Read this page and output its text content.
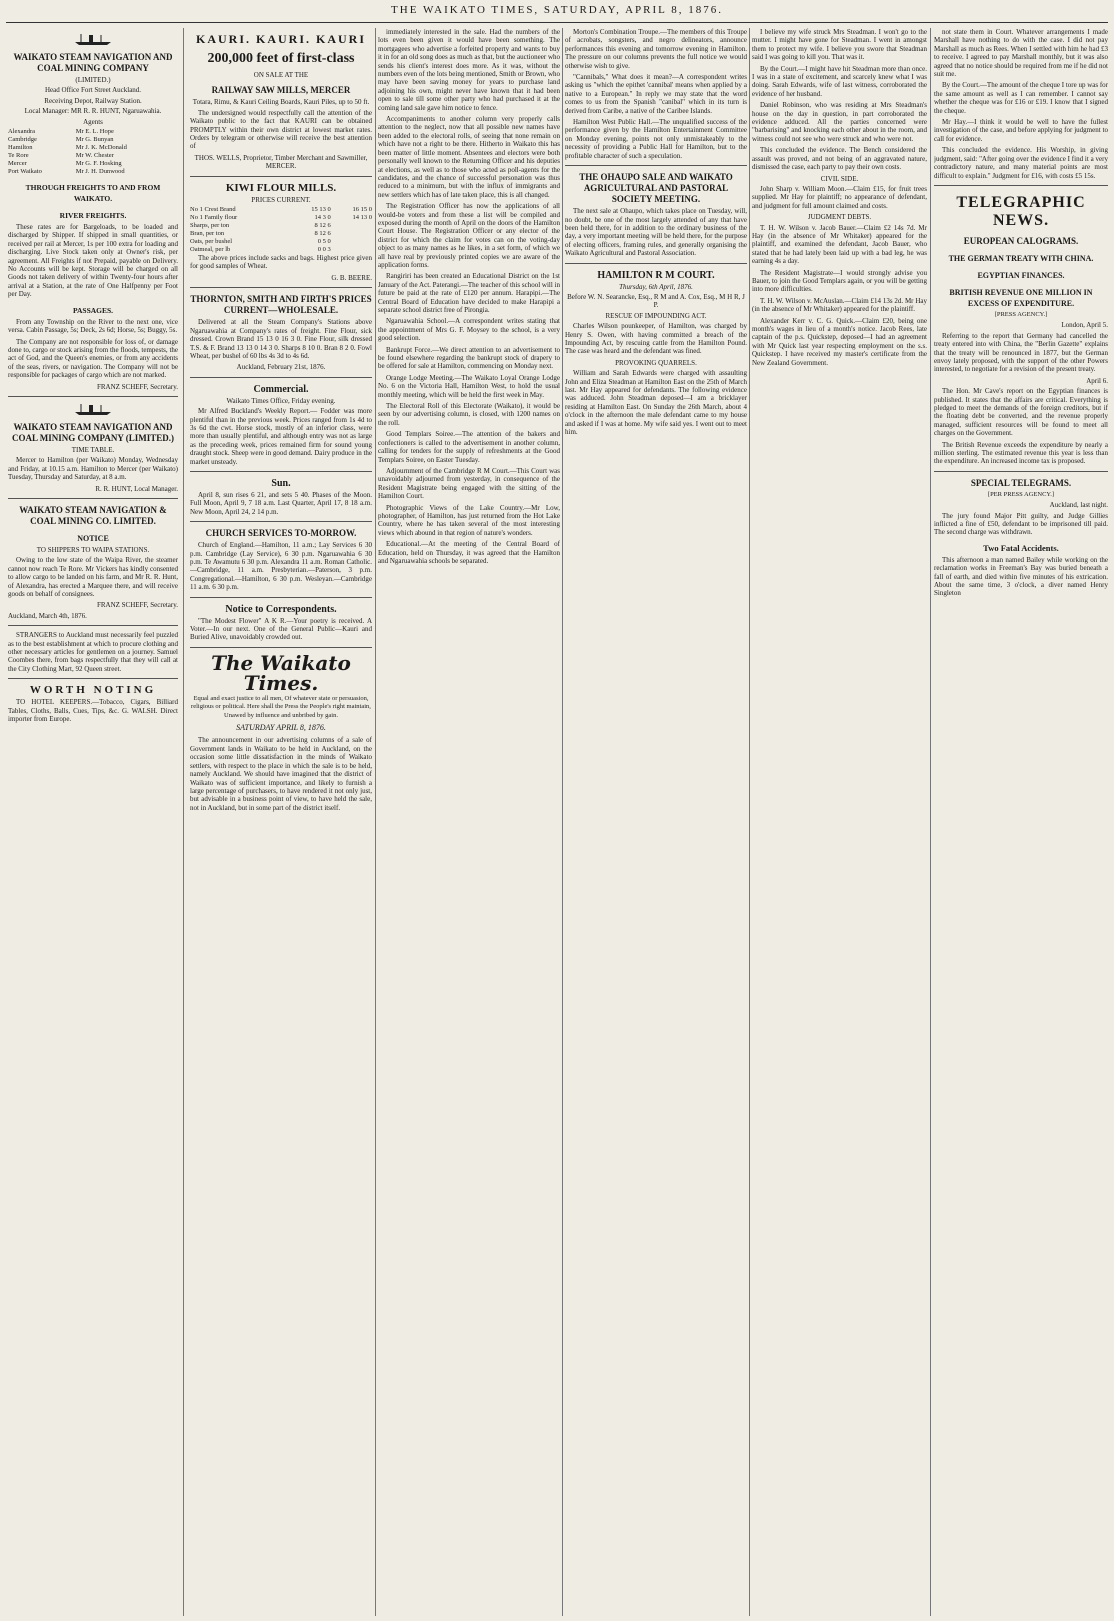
THE WAIKATO TIMES, SATURDAY, APRIL 8, 1876.
WAIKATO STEAM NAVIGATION AND COAL MINING COMPANY
(LIMITED.)
Head Office Fort Street Auckland.
Receiving Depot, Railway Station.
Local Manager: MR R. R. HUNT, Ngaruawahia.
Agents
Alexandra	Mr E. L. Hope
Cambridge	Mr G. Bunyan
Hamilton	Mr J. K. McDonald
Te Rore	Mr W. Chester
Mercer	Mr G. F. Hosking
Port Waikato	Mr J. H. Dunwood
THROUGH FREIGHTS TO AND FROM WAIKATO.
RIVER FREIGHTS.

These rates are for Bargeloads, to be loaded and discharged by Shipper. If shipped in small quantities, or received per rail at Mercer, 1s per 100 extra for loading and discharging. Live Stock taken only at Owner's risk, per agreement. All Freights if not Prepaid, payable on Delivery. No Accounts will be kept. Storage will be charged on all Goods not taken delivery of within Twenty-four hours after arrival at a Station, at the rate of One Halfpenny per Foot per Day.

PASSAGES.

From any Township on the River to the next one, vice versa. Cabin Passage, 5s; Deck, 2s 6d; Horse, 5s; Buggy, 5s.

The Company are not responsible for loss of, or damage done to, cargo or stock arising from the floods, tempests, the act of God, and the Queen's enemies, or from any accidents of the seas, rivers, or navigation. The Company will not be responsible for packages of cargo which are not marked.

FRANZ SCHEFF, Secretary.
WAIKATO STEAM NAVIGATION AND COAL MINING COMPANY (LIMITED.)
TIME TABLE.

Mercer to Hamilton (per Waikato) Monday, Wednesday and Friday, at 10.15 a.m. Hamilton to Mercer (per Waikato) Tuesday, Thursday and Saturday, at 8 a.m.

R. R. HUNT, Local Manager.
WAIKATO STEAM NAVIGATION & COAL MINING CO. LIMITED.
NOTICE
TO SHIPPERS TO WAIPA STATIONS.

Owing to the low state of the Waipa River, the steamer cannot now reach Te Rore. Mr Vickers has kindly consented to allow cargo to be landed on his farm, and Mr R. R. Hunt, of Alexandra, has erected a Marquee there, and will receive goods on behalf of consignees.

FRANZ SCHEFF, Secretary.
Auckland, March 4th, 1876.

STRANGERS to Auckland must necessarily feel puzzled as to the best establishment at which to procure clothing and other necessary articles for gentlemen on a journey. Samuel Coombes there, from bags respectfully that they will call at the City Clothing Mart, 92 Queen street.

WORTH NOTING

TO HOTEL KEEPERS.—Tobacco, Cigars, Billiard Tables, Cloths, Balls, Cues, Tips, &c. G. WALSH. Direct importer from Europe.

KAURI. KAURI. KAURI
200,000 feet of first-class
ON SALE AT THE
RAILWAY SAW MILLS, MERCER
Totara, Rimu, & Kauri Ceiling Boards, Kauri Piles, up to 50 ft.

The undersigned would respectfully call the attention of the Waikato public to the fact that KAURI can be obtained PROMPTLY within their own district at lowest market rates. Orders by telegram or otherwise will receive the best attention of

THOS. WELLS, Proprietor, Timber Merchant and Sawmiller, MERCER.
KIWI FLOUR MILLS.
PRICES CURRENT.
No 1 Crest Brand	15 13 0	16 15 0
No 1 Family flour	14 3 0	14 13 0
Sharps, per ton	8 12 6	
Bran, per ton	8 12 6	
Oats, per bushel	0 5 0	
Oatmeal, per lb	0 0 3	

The above prices include sacks and bags. Highest price given for good samples of Wheat.

G. B. BEERE.
THORNTON, SMITH AND FIRTH'S PRICES CURRENT—WHOLESALE.

Delivered at all the Steam Company's Stations above Ngaruawahia at Company's rates of freight. Fine Flour, sick dressed. Crown Brand 15 13 0 16 3 0. Fine Flour, silk dressed T.S. & F. Brand 13 13 0 14 3 0. Sharps 8 10 0. Bran 8 2 0. Fowl Wheat, per bushel of 60 lbs 4s 3d to 4s 6d.

Auckland, February 21st, 1876.
Commercial.
Waikato Times Office, Friday evening.

Mr Alfred Buckland's Weekly Report.— Fodder was more plentiful than in the previous week. Prices ranged from 1s 4d to 3s 6d the cwt. Horse stock, mostly of an inferior class, were more than usually plentiful, and although entry was not as large as the preceding week, prices remained firm for sound young draught stock. Sheep were in good demand. Dairy produce in the market unsteady.

Sun.

April 8, sun rises 6 21, and sets 5 40. Phases of the Moon. Full Moon, April 9, 7 18 a.m. Last Quarter, April 17, 8 18 a.m. New Moon, April 24, 2 14 p.m.

CHURCH SERVICES TO-MORROW.

Church of England.—Hamilton, 11 a.m.; Lay Services 6 30 p.m. Cambridge (Lay Service), 6 30 p.m. Ngaruawahia 6 30 p.m. Te Awamutu 6 30 p.m. Alexandra 11 a.m. Roman Catholic.—Cambridge, 11 a.m. Presbyterian.—Paterson, 3 p.m. Congregational.—Hamilton, 6 30 p.m. Wesleyan.—Cambridge 11 a.m. 6 30 p.m.

Notice to Correspondents.

"The Modest Flower" A K R.—Your poetry is received. A Voter.—In our next. One of the General Public—Kauri and Buried Alive, unavoidably crowded out.

The Waikato Times.
Equal and exact justice to all men, Of whatever state or persuasion, religious or political. Here shall the Press the People's right maintain, Unawed by influence and unbribed by gain.
SATURDAY APRIL 8, 1876.

The announcement in our advertising columns of a sale of Government lands in Waikato to be held in Auckland, on the occasion some little dissatisfaction in the minds of Waikato settlers, with respect to the place in which the sale is to be held, namely Auckland. We should have imagined that the district of Waikato was of sufficient importance, and likely to furnish a large percentage of purchasers, to have rendered it not only just, but advisable in a business point of view, to have held the sale, not in Auckland, but in some part of the district itself.

immediately interested in the sale. Had the numbers of the lots even been given it would have been something. The mortgagees who advertise a forfeited property and wants to buy it in for an old song does as much as that, but the auctioneer who sends his client's interest does more. As it was, without the numbers even of the lots being mentioned, Smith or Brown, who may have been saving money for years to purchase land adjoining his own, might never have known that it had been open to sale till some other party who had purchased it at the coming land sale gave him notice to fence.

Accompaniments to another column very properly calls attention to the neglect, now that all possible new names have been added to the electoral rolls, of seeing that none remain on which have not a right to be there. Hitherto in Waikato this has been matter of little moment. Absentees and electors were both personally well known to the Returning Officer and his deputies at elections, as well as to those who acted as poll-agents for the candidates, and the chance of successful personation was thus reduced to a minimum, but with the influx of immigrants and new settlers which has of late taken place, this is all changed.

The Registration Officer has now the applications of all would-be voters and from these a list will be compiled and exposed during the month of April on the doors of the Hamilton Court House. The Registration Officer or any elector of the district for which the claim for votes can on the voting-day object to as many names as he likes, in a set form, of which we all have real by previously printed copies we are aware of the application forms.

Rangiriri has been created an Educational District on the 1st January of the Act. Paterangi.—The teacher of this school will in future be paid at the rate of £120 per annum. Harapipi.—The Central Board of Education have decided to make Harapipi a separate school district free of Pirongia.

Ngaruawahia School.—A correspondent writes stating that the appointment of Mrs G. F. Moysey to the school, is a very good selection.

Bankrupt Force.—We direct attention to an advertisement to be found elsewhere regarding the bankrupt stock of drapery to be offered for sale at Hamilton, commencing on Monday next.

Orange Lodge Meeting.—The Waikato Loyal Orange Lodge No. 6 on the Victoria Hall, Hamilton West, to hold the usual monthly meeting, which will be held the first week in May.

The Electoral Roll of this Electorate (Waikato), it would be seen by our advertising column, is closed, with 1200 names on the roll.

Good Templars Soiree.—The attention of the bakers and confectioners is called to the advertisement in another column, calling for tenders for the supply of refreshments at the Good Templars Soiree, on Easter Tuesday.

Adjournment of the Cambridge R M Court.—This Court was unavoidably adjourned from yesterday, in consequence of the Resident Magistrate being engaged with the sitting of the Hamilton Court.

Photographic Views of the Lake Country.—Mr Low, photographer, of Hamilton, has just returned from the Hot Lake Country, where he has taken several of the most interesting views which abound in that region of nature's wonders.

Educational.—At the meeting of the Central Board of Education, held on Thursday, it was agreed that the Hamilton and Ngaruawahia schools be separated.

Morton's Combination Troupe.—The members of this Troupe of acrobats, songsters, and negro delineators, announce performances this evening and tomorrow evening in Hamilton. The pressure on our columns prevents the full notice we would otherwise wish to give.

"Cannibals," What does it mean?—A correspondent writes asking us "which the epithet 'cannibal' means when applied by a native to a European." In reply we may state that the word comes to us from the Spanish "canibal" which in its turn is derived from Caribe, a native of the Caribee Islands.

Hamilton West Public Hall.—The unqualified success of the performance given by the Hamilton Entertainment Committee on Monday evening, points not only unmistakeably to the necessity of providing a Public Hall for Hamilton, but to the profitable character of such a speculation.

THE OHAUPO SALE AND WAIKATO AGRICULTURAL AND PASTORAL SOCIETY MEETING.

The next sale at Ohaupo, which takes place on Tuesday, will, no doubt, be one of the most largely attended of any that have been held there, for in addition to the ordinary business of the day, a very important meeting will be held there, for the purpose of electing officers, framing rules, and generally organising the Waikato Agricultural and Pastoral Association.

HAMILTON R M COURT.
Thursday, 6th April, 1876.
Before W. N. Searancke, Esq., R M and A. Cox, Esq., M H R, J P.
RESCUE OF IMPOUNDING ACT.

Charles Wilson pounkeeper, of Hamilton, was charged by Henry S. Owen, with having committed a breach of the Impounding Act, by rescuing cattle from the Hamilton Pound. The case was heard and the defendant was fined.

PROVOKING QUARRELS.

William and Sarah Edwards were charged with assaulting John and Eliza Steadman at Hamilton East on the 25th of March last. Mr Hay appeared for defendants. The following evidence was adduced. John Steadman deposed—I am a bricklayer residing at Hamilton East. On Sunday the 26th March, about 4 o'clock in the afternoon the male defendant came to my house and asked if I was at home. My wife said yes. I went out to meet him.

I believe my wife struck Mrs Steadman. I won't go to the mutter. I might have gone for Steadman. I went in amongst them to protect my wife. I believe you swore that Steadman said I was going to kill you. That was it.

By the Court.—I might have hit Steadman more than once. I was in a state of excitement, and scarcely knew what I was doing. Sarah Edwards, wife of last witness, corroborated the evidence of her husband.

Daniel Robinson, who was residing at Mrs Steadman's house on the day in question, in part corroborated the evidence adduced. All the parties concerned were "barbarising" and knocking each other about in the room, and witness could not see who were struck and who were not.

This concluded the evidence. The Bench considered the assault was proved, and not being of an aggravated nature, dismissed the case, each party to pay their own costs.

CIVIL SIDE.

John Sharp v. William Moon.—Claim £15, for fruit trees supplied. Mr Hay for plaintiff; no appearance of defendant, and judgment for full amount claimed and costs.

JUDGMENT DEBTS.

T. H. W. Wilson v. Jacob Bauer.—Claim £2 14s 7d. Mr Hay (in the absence of Mr Whitaker) appeared for the plaintiff, and examined the defendant, Jacob Bauer, who stated that he had lately been laid up with a bad leg, he was earning 4s a day.

The Resident Magistrate—I would strongly advise you Bauer, to join the Good Templars again, or you will be getting into more difficulties.

T. H. W. Wilson v. McAuslan.—Claim £14 13s 2d. Mr Hay (in the absence of Mr Whitaker) appeared for the plaintiff.

Alexander Kerr v. C. G. Quick.—Claim £20, being one month's wages in lieu of a month's notice. Jacob Rees, late captain of the p.s. Quickstep, deposed—I had an agreement with Mr Quick last year respecting employment on the s.s. Quickstep. I have received my master's certificate from the New Zealand Government.

not state them in Court. Whatever arrangements I made Marshall have nothing to do with the case. I did not pay Marshall as much as Rees. When I settled with him he had £3 to receive. I agreed to pay Marshall monthly, but it was also agreed that no notice should be required from me if he did not suit me.

By the Court.—The amount of the cheque I tore up was for the same amount as well as I can remember. I cannot say whether the cheque was for £16 or £19. I know that I signed the cheque.

Mr Hay.—I think it would be well to have the fullest investigation of the case, and before applying for judgment to call for evidence.

This concluded the evidence. His Worship, in giving judgment, said: "After going over the evidence I find it a very contradictory nature, and many material points are most difficult to explain." Judgment for £16, with costs £5 15s.

TELEGRAPHIC NEWS.
EUROPEAN CALOGRAMS.
THE GERMAN TREATY WITH CHINA.
EGYPTIAN FINANCES.
BRITISH REVENUE ONE MILLION IN EXCESS OF EXPENDITURE.
[PRESS AGENCY.]
London, April 5.

Referring to the report that Germany had cancelled the treaty entered into with China, the "Berlin Gazette" explains that the treaty will be renounced in 1877, but the German envoy lately proposed, with the support of the other Powers interested, to negotiate for a revision of the present treaty.

April 6.

The Hon. Mr Cave's report on the Egyptian finances is published. It states that the affairs are critical. Everything is pledged to meet the demands of the foreign creditors, but if the floating debt be converted, and the revenue properly managed, sufficient resources will be found to meet all charges on the Government.

The British Revenue exceeds the expenditure by nearly a million sterling. The estimated revenue this year is less than the expenditure. An increased income tax is proposed.

SPECIAL TELEGRAMS.
[PER PRESS AGENCY.]
Auckland, last night.

The jury found Major Pitt guilty, and Judge Gillies inflicted a fine of £50, defendant to be imprisoned till paid. The second charge was withdrawn.

Two Fatal Accidents.

This afternoon a man named Bailey while working on the reclamation works in Freeman's Bay was buried beneath a fall of earth, and died within five minutes of his extrication. About the same time, 3 o'clock, a diver named Henry Singleton
